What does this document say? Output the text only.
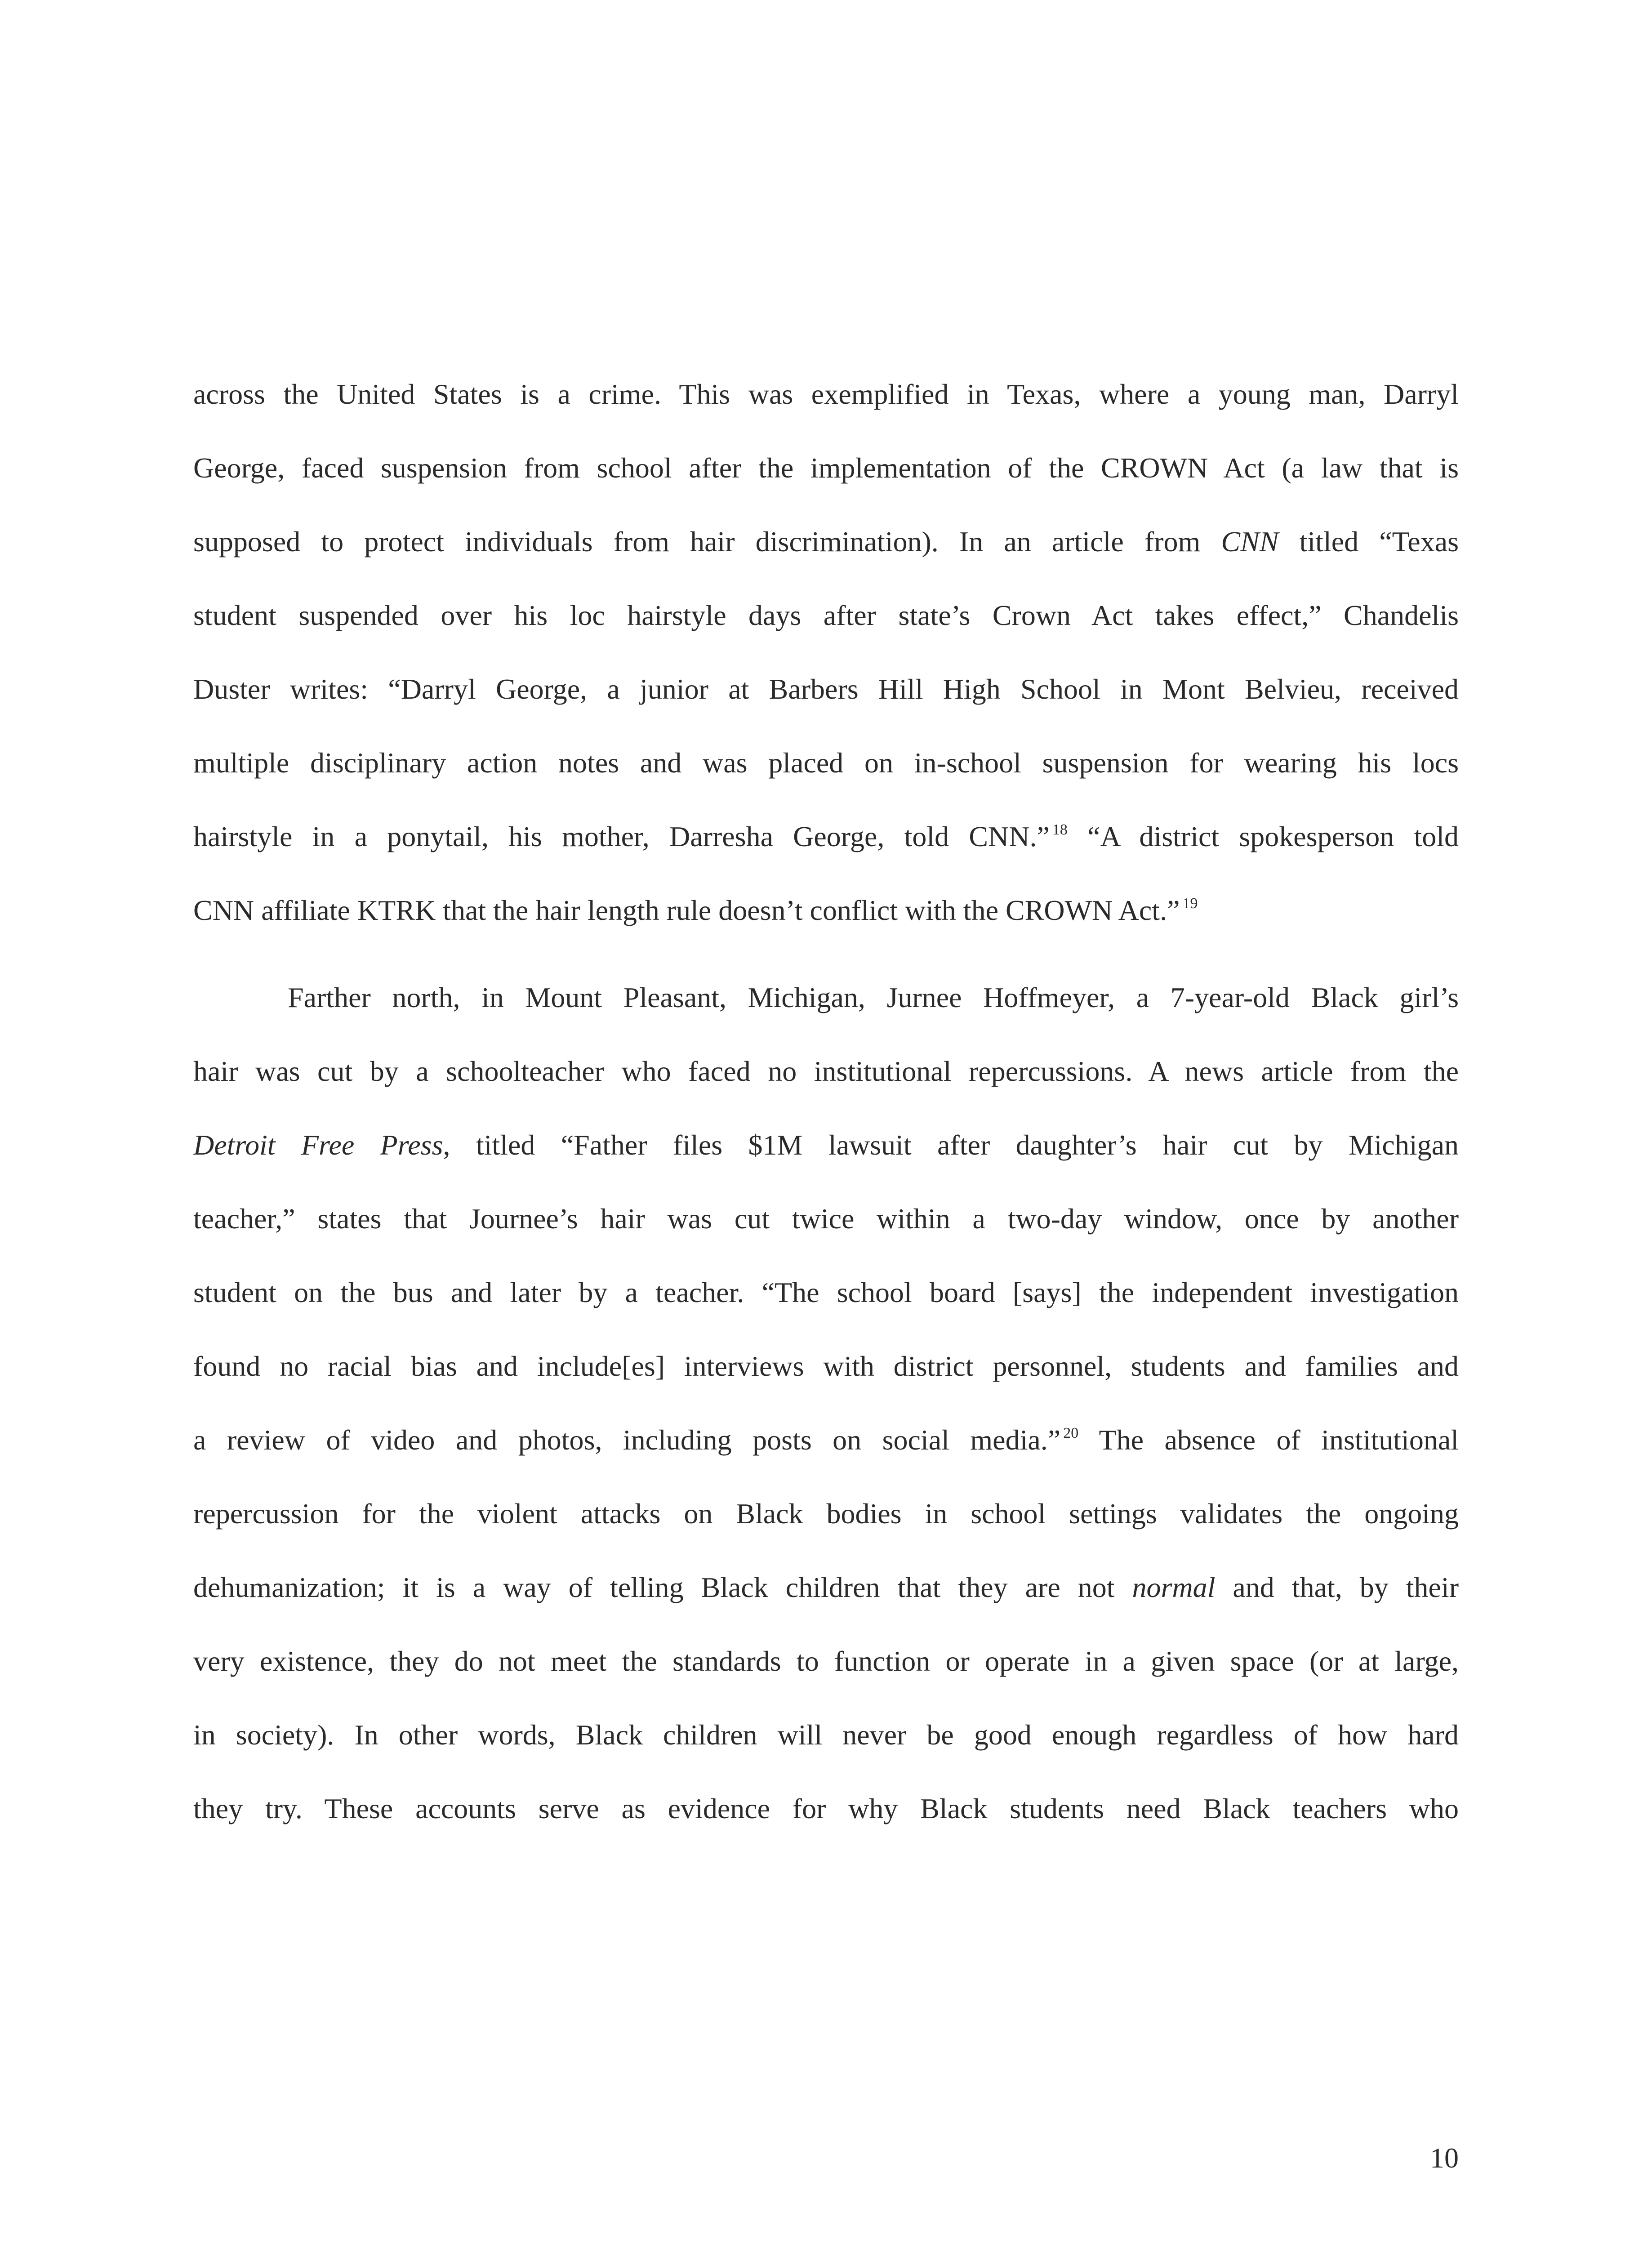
across the United States is a crime. This was exemplified in Texas, where a young man, Darryl
George, faced suspension from school after the implementation of the CROWN Act (a law that is
supposed to protect individuals from hair discrimination). In an article from CNN titled “Texas
student suspended over his loc hairstyle days after state’s Crown Act takes effect,” Chandelis
Duster writes: “Darryl George, a junior at Barbers Hill High School in Mont Belvieu, received
multiple disciplinary action notes and was placed on in-school suspension for wearing his locs
hairstyle in a ponytail, his mother, Darresha George, told CNN.” $^{18}$ “A district spokesperson told
CNN affiliate KTRK that the hair length rule doesn’t conflict with the CROWN Act.” $^{19}$
Farther north, in Mount Pleasant, Michigan, Jurnee Hoffmeyer, a 7-year-old Black girl’s
hair was cut by a schoolteacher who faced no institutional repercussions. A news article from the
Detroit Free Press, titled “Father files $1M lawsuit after daughter’s hair cut by Michigan
teacher,” states that Journee’s hair was cut twice within a two-day window, once by another
student on the bus and later by a teacher. “The school board [says] the independent investigation
found no racial bias and include[es] interviews with district personnel, students and families and
a review of video and photos, including posts on social media.” $^{20}$ The absence of institutional
repercussion for the violent attacks on Black bodies in school settings validates the ongoing
dehumanization; it is a way of telling Black children that they are not normal and that, by their
very existence, they do not meet the standards to function or operate in a given space (or at large,
in society). In other words, Black children will never be good enough regardless of how hard
they try. These accounts serve as evidence for why Black students need Black teachers who
10
